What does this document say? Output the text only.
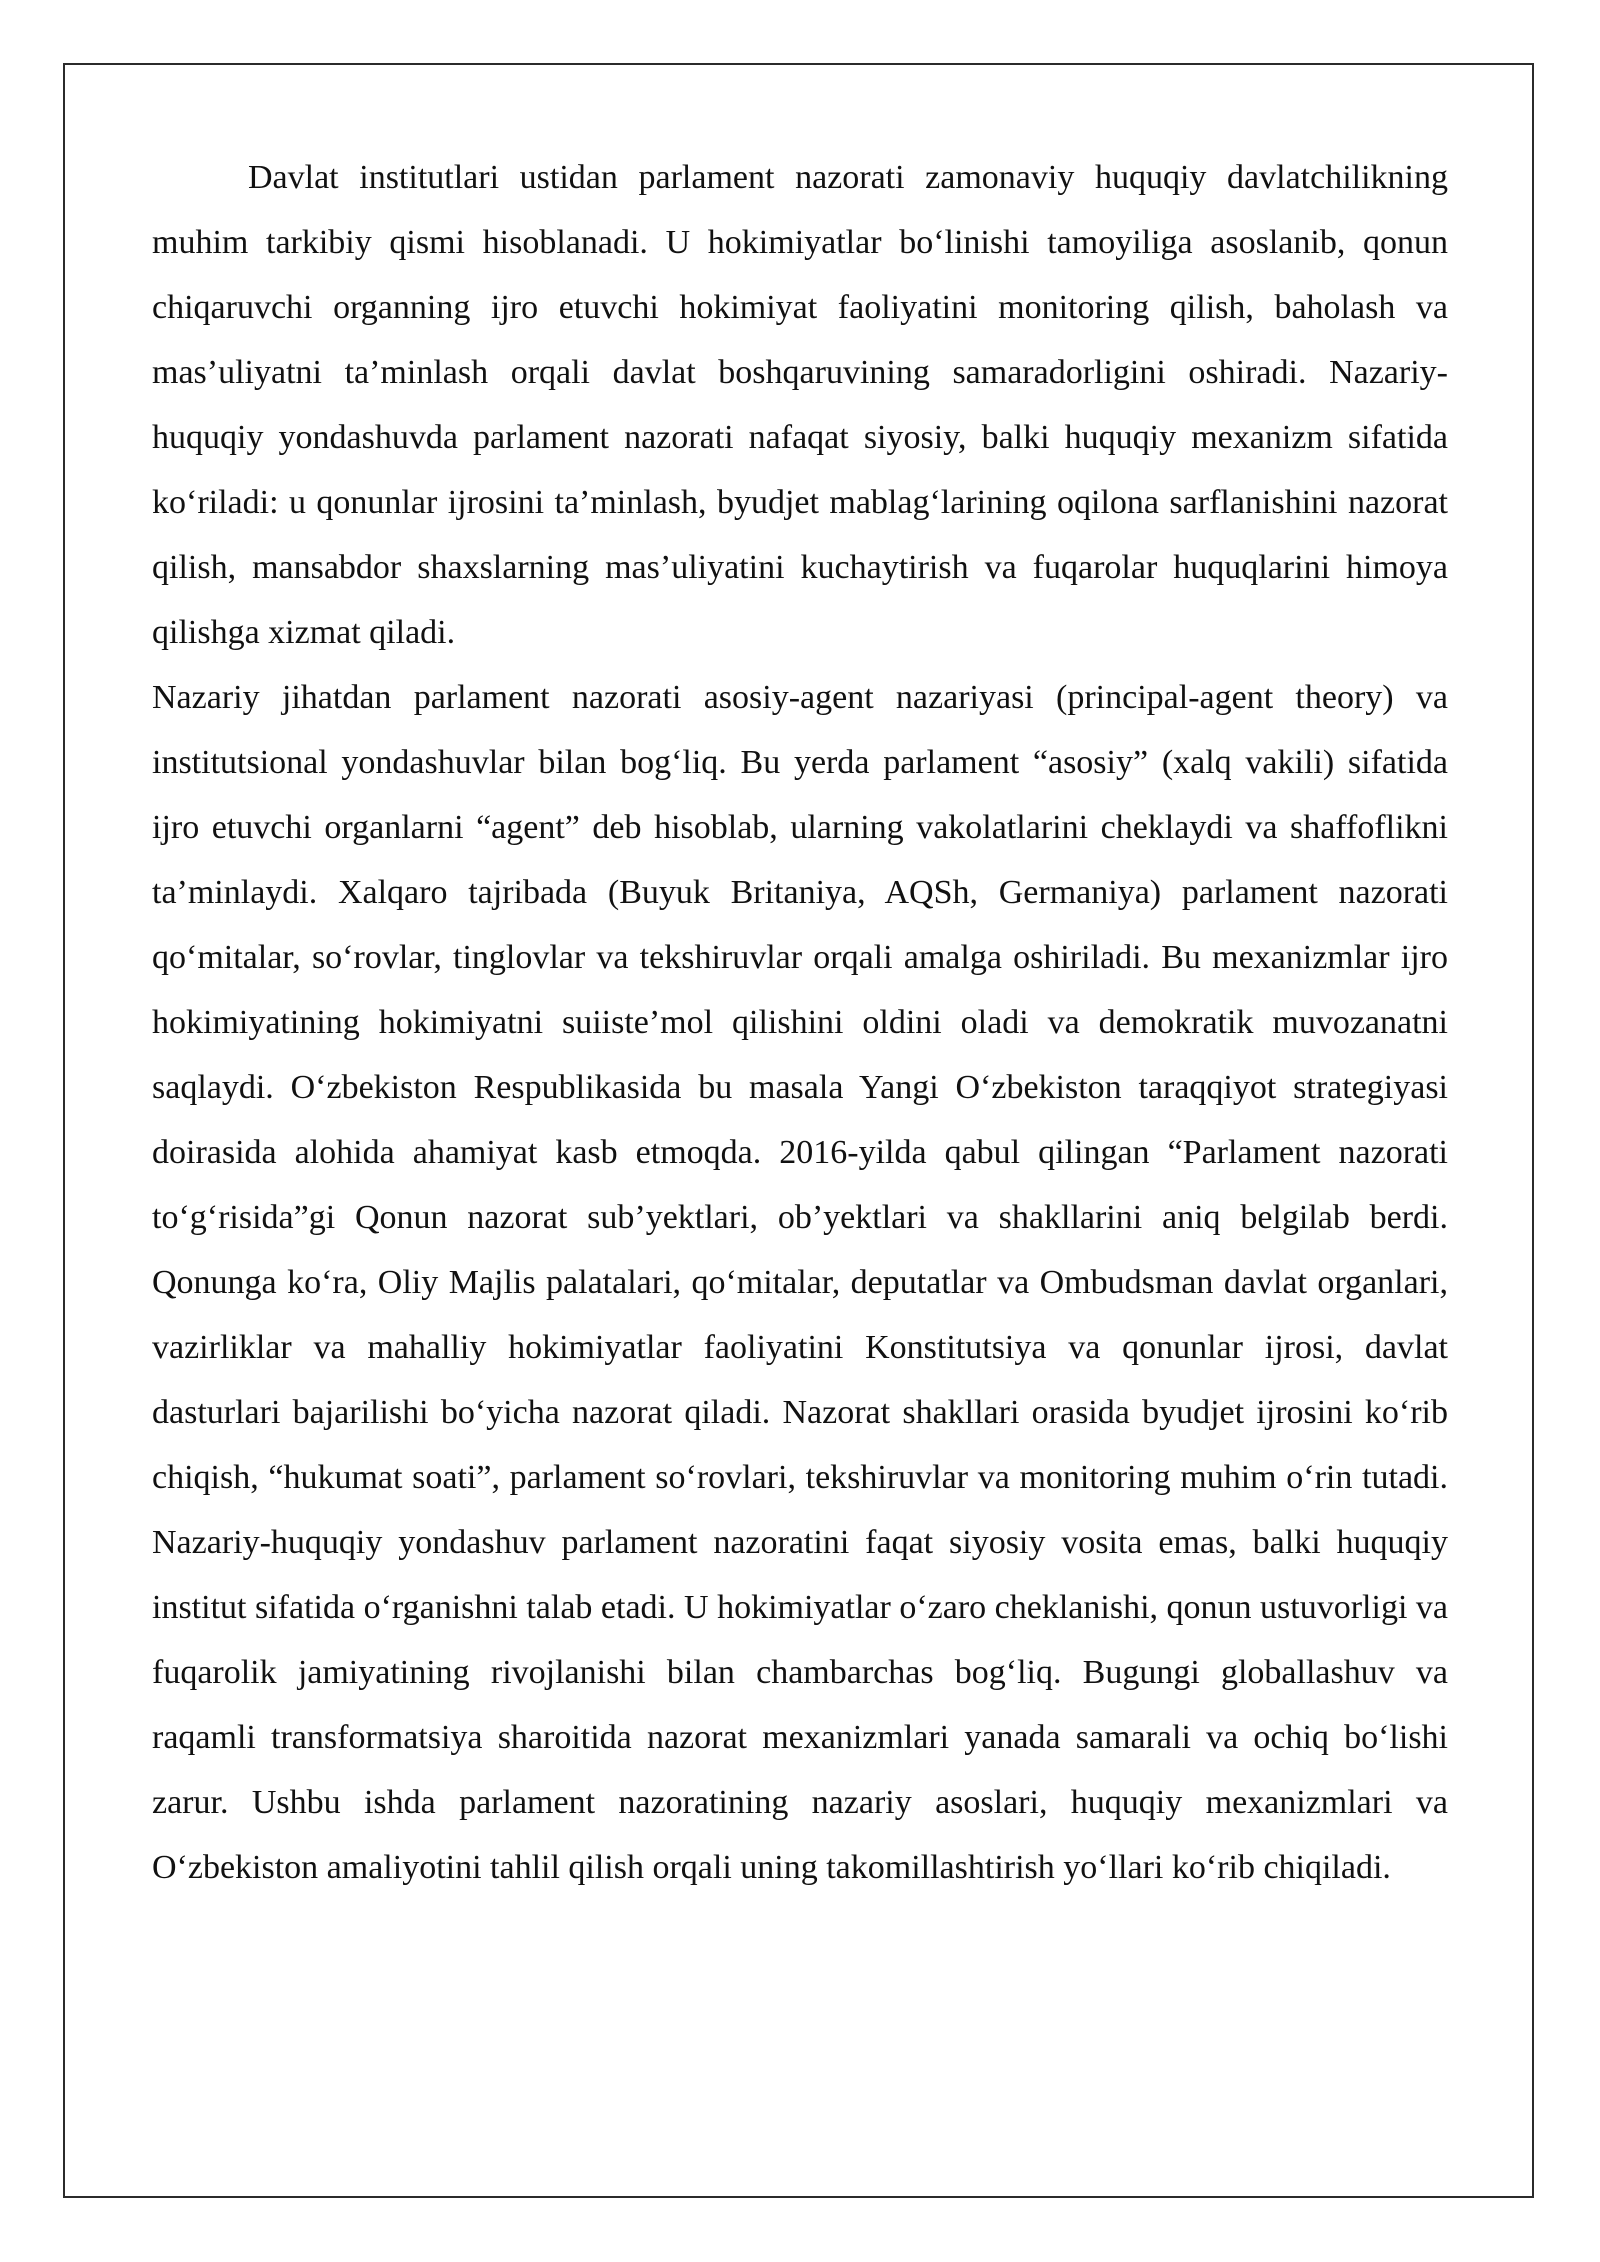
Davlat institutlari ustidan parlament nazorati zamonaviy huquqiy davlatchilikning muhim tarkibiy qismi hisoblanadi. U hokimiyatlar boʻlinishi tamoyiliga asoslanib, qonun chiqaruvchi organning ijro etuvchi hokimiyat faoliyatini monitoring qilish, baholash va mas’uliyatni ta’minlash orqali davlat boshqaruvining samaradorligini oshiradi. Nazariy-huquqiy yondashuvda parlament nazorati nafaqat siyosiy, balki huquqiy mexanizm sifatida koʻriladi: u qonunlar ijrosini ta’minlash, byudjet mablagʻlarining oqilona sarflanishini nazorat qilish, mansabdor shaxslarning mas’uliyatini kuchaytirish va fuqarolar huquqlarini himoya qilishga xizmat qiladi.

Nazariy jihatdan parlament nazorati asosiy-agent nazariyasi (principal-agent theory) va institutsional yondashuvlar bilan bogʻliq. Bu yerda parlament “asosiy” (xalq vakili) sifatida ijro etuvchi organlarni “agent” deb hisoblab, ularning vakolatlarini cheklaydi va shaffoflikni ta’minlaydi. Xalqaro tajribada (Buyuk Britaniya, AQSh, Germaniya) parlament nazorati qoʻmitalar, soʻrovlar, tinglovlar va tekshiruvlar orqali amalga oshiriladi. Bu mexanizmlar ijro hokimiyatining hokimiyatni suiiste’mol qilishini oldini oladi va demokratik muvozanatni saqlaydi. Oʻzbekiston Respublikasida bu masala Yangi Oʻzbekiston taraqqiyot strategiyasi doirasida alohida ahamiyat kasb etmoqda. 2016-yilda qabul qilingan “Parlament nazorati toʻgʻrisida”gi Qonun nazorat sub’yektlari, ob’yektlari va shakllarini aniq belgilab berdi. Qonunga koʻra, Oliy Majlis palatalari, qoʻmitalar, deputatlar va Ombudsman davlat organlari, vazirliklar va mahalliy hokimiyatlar faoliyatini Konstitutsiya va qonunlar ijrosi, davlat dasturlari bajarilishi boʻyicha nazorat qiladi. Nazorat shakllari orasida byudjet ijrosini koʻrib chiqish, “hukumat soati”, parlament soʻrovlari, tekshiruvlar va monitoring muhim oʻrin tutadi. Nazariy-huquqiy yondashuv parlament nazoratini faqat siyosiy vosita emas, balki huquqiy institut sifatida oʻrganishni talab etadi. U hokimiyatlar oʻzaro cheklanishi, qonun ustuvorligi va fuqarolik jamiyatining rivojlanishi bilan chambarchas bogʻliq. Bugungi globallashuv va raqamli transformatsiya sharoitida nazorat mexanizmlari yanada samarali va ochiq boʻlishi zarur. Ushbu ishda parlament nazoratining nazariy asoslari, huquqiy mexanizmlari va Oʻzbekiston amaliyotini tahlil qilish orqali uning takomillashtirish yoʻllari koʻrib chiqiladi.
